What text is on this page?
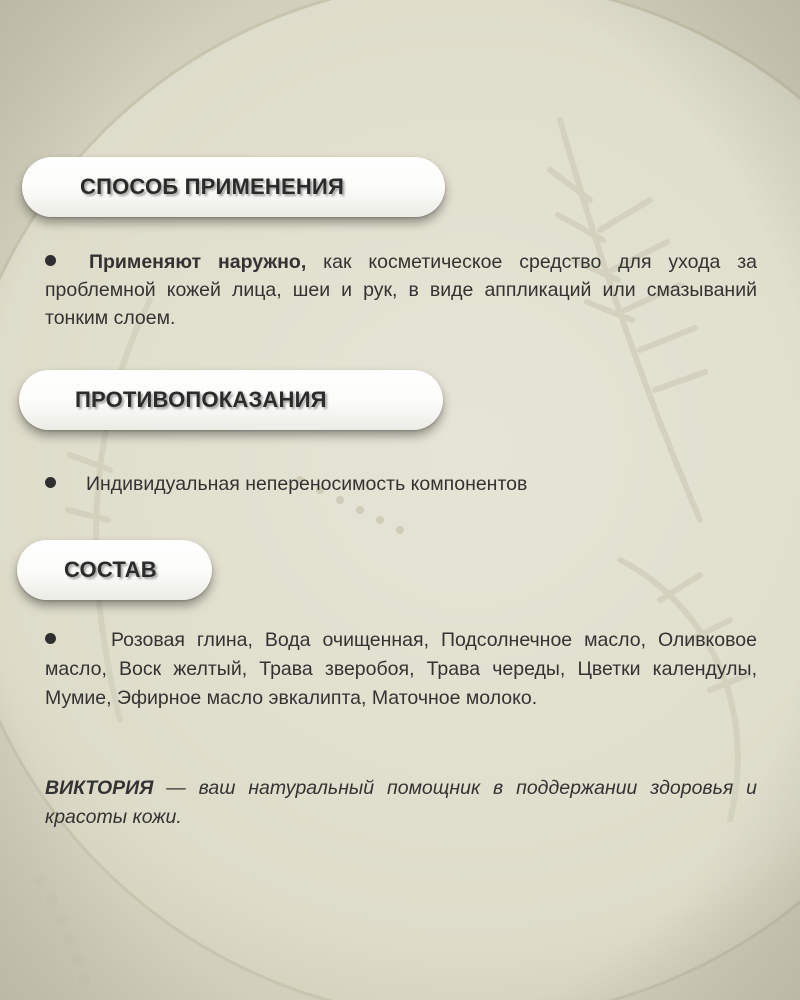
СПОСОБ ПРИМЕНЕНИЯ
Применяют наружно, как косметическое средство для ухода за проблемной кожей лица, шеи и рук, в виде аппликаций или смазываний тонким слоем.
ПРОТИВОПОКАЗАНИЯ
Индивидуальная непереносимость компонентов
СОСТАВ
Розовая глина, Вода очищенная, Подсолнечное масло, Оливковое масло, Воск желтый, Трава зверобоя, Трава череды, Цветки календулы, Мумие, Эфирное масло эвкалипта, Маточное молоко.
ВИКТОРИЯ — ваш натуральный помощник в поддержании здоровья и красоты кожи.
